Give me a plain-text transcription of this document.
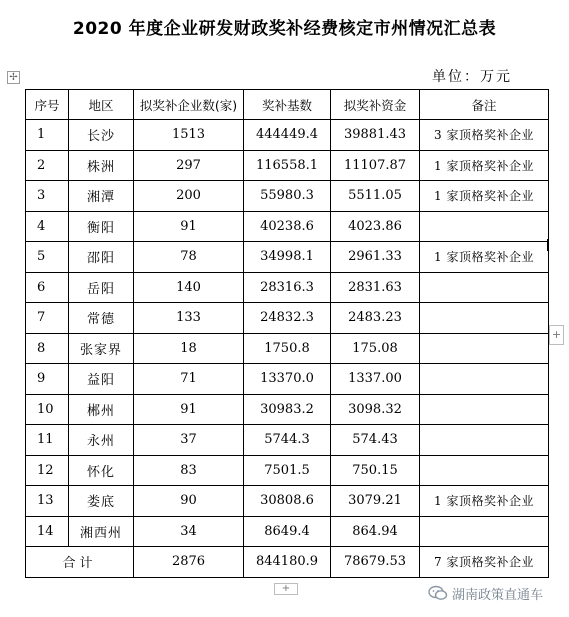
2020 年度企业研发财政奖补经费核定市州情况汇总表
✢	单位：万元
序号	地区	拟奖补企业数(家)	奖补基数	拟奖补资金	备注
1	长沙	1513	444449.4	39881.43	3 家顶格奖补企业
2	株洲	297	116558.1	11107.87	1 家顶格奖补企业
3	湘潭	200	55980.3	5511.05	1 家顶格奖补企业
4	衡阳	91	40238.6	4023.86	
5	邵阳	78	34998.1	2961.33	1 家顶格奖补企业
6	岳阳	140	28316.3	2831.63	
7	常德	133	24832.3	2483.23	
8	张家界	18	1750.8	175.08	
9	益阳	71	13370.0	1337.00	
10	郴州	91	30983.2	3098.32	
11	永州	37	5744.3	574.43	
12	怀化	83	7501.5	750.15	
13	娄底	90	30808.6	3079.21	1 家顶格奖补企业
14	湘西州	34	8649.4	864.94	
合计		2876	844180.9	78679.53	7 家顶格奖补企业
+
+	湖南政策直通车
